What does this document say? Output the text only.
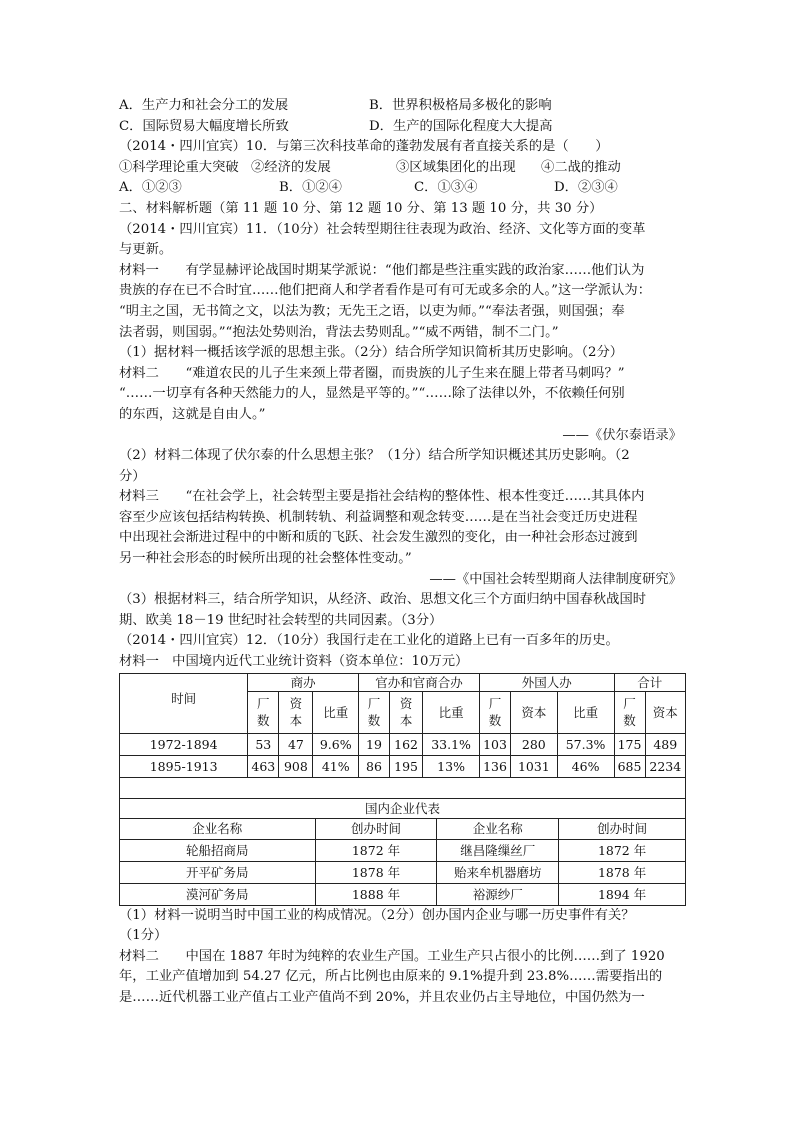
A．生产力和社会分工的发展	B．世界积极格局多极化的影响
C．国际贸易大幅度增长所致	D．生产的国际化程度大大提高
（2014・四川宜宾）10．与第三次科技革命的蓬勃发展有者直接关系的是（　　）
①科学理论重大突破 ②经济的发展	③区域集团化的出现	④二战的推动
A．①②③	B．①②④	C．①③④	D．②③④
二、材料解析题（第 11 题 10 分、第 12 题 10 分、第 13 题 10 分，共 30 分）
（2014・四川宜宾）11．（10分）社会转型期往往表现为政治、经济、文化等方面的变革
与更新。
材料一　　有学显赫评论战国时期某学派说：“他们都是些注重实践的政治家……他们认为
贵族的存在已不合时宜……他们把商人和学者看作是可有可无或多余的人。”这一学派认为：
“明主之国，无书简之文，以法为教；无先王之语，以吏为师。”“奉法者强，则国强；奉
法者弱，则国弱。”“抱法处势则治，背法去势则乱。”“威不两错，制不二门。”
（1）据材料一概括该学派的思想主张。（2分）结合所学知识简析其历史影响。（2分）
材料二　　“难道农民的儿子生来颈上带者圈，而贵族的儿子生来在腿上带者马刺吗？”
“……一切享有各种天然能力的人，显然是平等的。”“……除了法律以外，不依赖任何别
的东西，这就是自由人。”
——《伏尔泰语录》
（2）材料二体现了伏尔泰的什么思想主张？（1分）结合所学知识概述其历史影响。（2
分）
材料三　　“在社会学上，社会转型主要是指社会结构的整体性、根本性变迁……其具体内
容至少应该包括结构转换、机制转轨、利益调整和观念转变……是在当社会变迁历史进程
中出现社会渐进过程中的中断和质的飞跃、社会发生激烈的变化，由一种社会形态过渡到
另一种社会形态的时候所出现的社会整体性变动。”
——《中国社会转型期商人法律制度研究》
（3）根据材料三，结合所学知识，从经济、政治、思想文化三个方面归纳中国春秋战国时
期、欧美 18－19 世纪时社会转型的共同因素。（3分）
（2014・四川宜宾）12．（10分）我国行走在工业化的道路上已有一百多年的历史。
材料一　中国境内近代工业统计资料（资本单位：10万元）
时间	商办			官办和官商合办			外国人办			合计	
	厂数	资本	比重	厂数	资本	比重	厂数	资本	比重	厂数	资本
1972-1894	53	47	9.6%	19	162	33.1%	103	280	57.3%	175	489
1895-1913	463	908	41%	86	195	13%	136	1031	46%	685	2234

国内企业代表			
企业名称	创办时间	企业名称	创办时间
轮船招商局	1872 年	继昌隆缫丝厂	1872 年
开平矿务局	1878 年	贻来牟机器磨坊	1878 年
漠河矿务局	1888 年	裕源纱厂	1894 年
（1）材料一说明当时中国工业的构成情况。（2分）创办国内企业与哪一历史事件有关？
（1分）
材料二　　中国在 1887 年时为纯粹的农业生产国。工业生产只占很小的比例……到了 1920
年，工业产值增加到 54.27 亿元，所占比例也由原来的 9.1%提升到 23.8%……需要指出的
是……近代机器工业产值占工业产值尚不到 20%，并且农业仍占主导地位，中国仍然为一
